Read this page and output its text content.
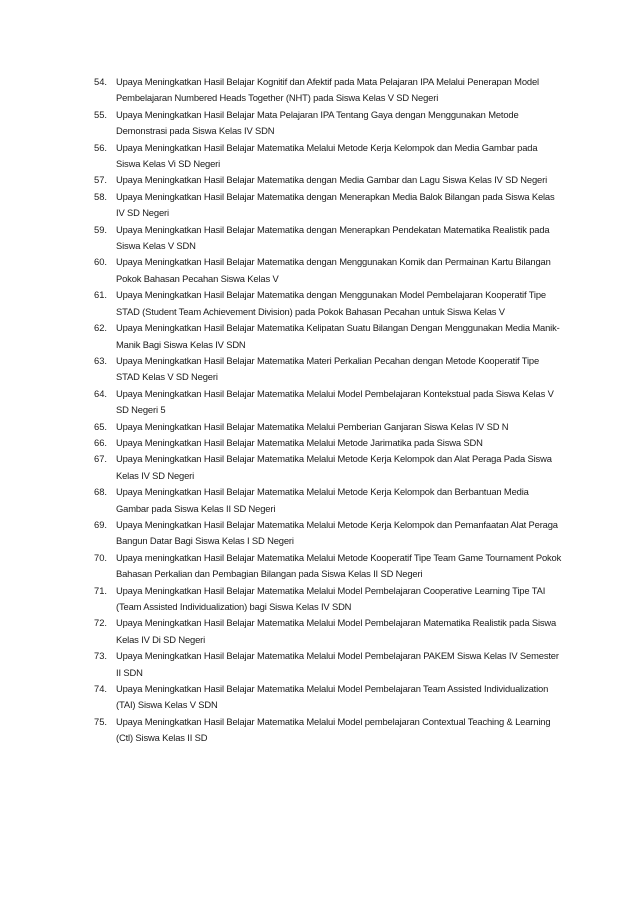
54. Upaya Meningkatkan Hasil Belajar Kognitif dan Afektif pada Mata Pelajaran IPA Melalui Penerapan Model Pembelajaran Numbered Heads Together (NHT) pada Siswa Kelas V SD Negeri
55. Upaya Meningkatkan Hasil Belajar Mata Pelajaran IPA Tentang Gaya dengan Menggunakan Metode Demonstrasi pada Siswa Kelas IV SDN
56. Upaya Meningkatkan Hasil Belajar Matematika Melalui Metode Kerja Kelompok dan Media Gambar pada Siswa Kelas Vi SD Negeri
57. Upaya Meningkatkan Hasil Belajar Matematika dengan Media Gambar dan Lagu Siswa Kelas IV SD Negeri
58. Upaya Meningkatkan Hasil Belajar Matematika dengan Menerapkan Media Balok Bilangan pada Siswa Kelas IV SD Negeri
59. Upaya Meningkatkan Hasil Belajar Matematika dengan Menerapkan Pendekatan Matematika Realistik pada Siswa Kelas V SDN
60. Upaya Meningkatkan Hasil Belajar Matematika dengan Menggunakan Komik dan Permainan Kartu Bilangan Pokok Bahasan Pecahan Siswa Kelas V
61. Upaya Meningkatkan Hasil Belajar Matematika dengan Menggunakan Model Pembelajaran Kooperatif Tipe STAD (Student Team Achievement Division) pada Pokok Bahasan Pecahan untuk Siswa Kelas V
62. Upaya Meningkatkan Hasil Belajar Matematika Kelipatan Suatu Bilangan Dengan Menggunakan Media Manik-Manik Bagi Siswa Kelas IV SDN
63. Upaya Meningkatkan Hasil Belajar Matematika Materi Perkalian Pecahan dengan Metode Kooperatif Tipe STAD Kelas V SD Negeri
64. Upaya Meningkatkan Hasil Belajar Matematika Melalui Model Pembelajaran Kontekstual pada Siswa Kelas V SD Negeri 5
65. Upaya Meningkatkan Hasil Belajar Matematika Melalui Pemberian Ganjaran Siswa Kelas IV SD N
66. Upaya Meningkatkan Hasil Belajar Matematika Melalui Metode Jarimatika pada Siswa SDN
67. Upaya Meningkatkan Hasil Belajar Matematika Melalui Metode Kerja Kelompok dan Alat Peraga Pada Siswa Kelas IV SD Negeri
68. Upaya Meningkatkan Hasil Belajar Matematika Melalui Metode Kerja Kelompok dan Berbantuan Media Gambar pada Siswa Kelas II SD Negeri
69. Upaya Meningkatkan Hasil Belajar Matematika Melalui Metode Kerja Kelompok dan Pemanfaatan Alat Peraga Bangun Datar Bagi Siswa Kelas I SD Negeri
70. Upaya meningkatkan Hasil Belajar Matematika Melalui Metode Kooperatif Tipe Team Game Tournament Pokok Bahasan Perkalian dan Pembagian Bilangan pada Siswa Kelas II SD Negeri
71. Upaya Meningkatkan Hasil Belajar Matematika Melalui Model Pembelajaran Cooperative Learning Tipe TAI (Team Assisted Individualization) bagi Siswa Kelas IV SDN
72. Upaya Meningkatkan Hasil Belajar Matematika Melalui Model Pembelajaran Matematika Realistik pada Siswa Kelas IV Di SD Negeri
73. Upaya Meningkatkan Hasil Belajar Matematika Melalui Model Pembelajaran PAKEM Siswa Kelas IV Semester II SDN
74. Upaya Meningkatkan Hasil Belajar Matematika Melalui Model Pembelajaran Team Assisted Individualization (TAI) Siswa Kelas V SDN
75. Upaya Meningkatkan Hasil Belajar Matematika Melalui Model pembelajaran Contextual Teaching & Learning (Ctl) Siswa Kelas II SD
